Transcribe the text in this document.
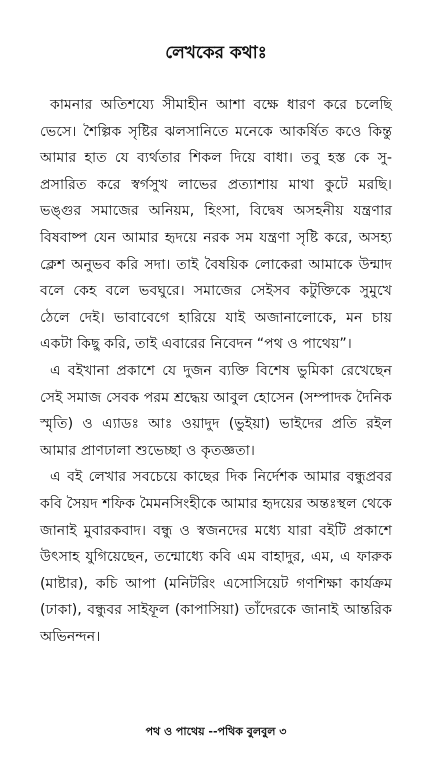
লেখকের কথাঃ

কামনার অতিশয্যে সীমাহীন আশা বক্ষে ধারণ করে চলেছি ভেসে। শৈল্পিক সৃষ্টির ঝলসানিতে মনেকে আকর্ষিত কওে কিন্তু আমার হাত যে ব্যর্থতার শিকল দিয়ে বাধা। তবু হস্ত কে সু-প্রসারিত করে স্বর্গসুখ লাভের প্রত্যাশায় মাথা কুটে মরছি। ভঙ্গুর সমাজের অনিয়ম, হিংসা, বিদ্বেষ অসহনীয় যন্ত্রণার বিষবাষ্প যেন আমার হৃদয়ে নরক সম যন্ত্রণা সৃষ্টি করে, অসহ্য ক্লেশ অনুভব করি সদা। তাই বৈষয়িক লোকেরা আমাকে উন্মাদ বলে কেহ বলে ভবঘুরে। সমাজের সেইসব কটুক্তিকে সুমুখে ঠেলে দেই। ভাবাবেগে হারিয়ে যাই অজানালোকে, মন চায় একটা কিছু করি, তাই এবারের নিবেদন “পথ ও পাথেয়”।

এ বইখানা প্রকাশে যে দুজন ব্যক্তি বিশেষ ভুমিকা রেখেছেন সেই সমাজ সেবক পরম শ্রদ্ধেয় আবুল হোসেন (সম্পাদক দৈনিক স্মৃতি) ও এ্যাডঃ আঃ ওয়াদুদ (ভুইয়া) ভাইদের প্রতি রইল আমার প্রাণঢালা শুভেচ্ছা ও কৃতজ্ঞতা।

এ বই লেখার সবচেয়ে কাছের দিক নির্দেশক আমার বন্ধুপ্রবর কবি সৈয়দ শফিক মৈমনসিংহীকে আমার হৃদয়ের অন্তঃস্থল থেকে জানাই মুবারকবাদ। বন্ধু ও স্বজনদের মধ্যে যারা বইটি প্রকাশে উৎসাহ যুগিয়েছেন, তন্মোধ্যে কবি এম বাহাদুর, এম, এ ফারুক (মাষ্টার), কচি আপা (মনিটরিং এসোসিয়েট গণশিক্ষা কার্যক্রম (ঢাকা), বন্ধুবর সাইফূল (কাপাসিয়া) তাঁদেরকে জানাই আন্তরিক অভিনন্দন।

পথ ও পাথেয় --পথিক বুলবুল ৩
